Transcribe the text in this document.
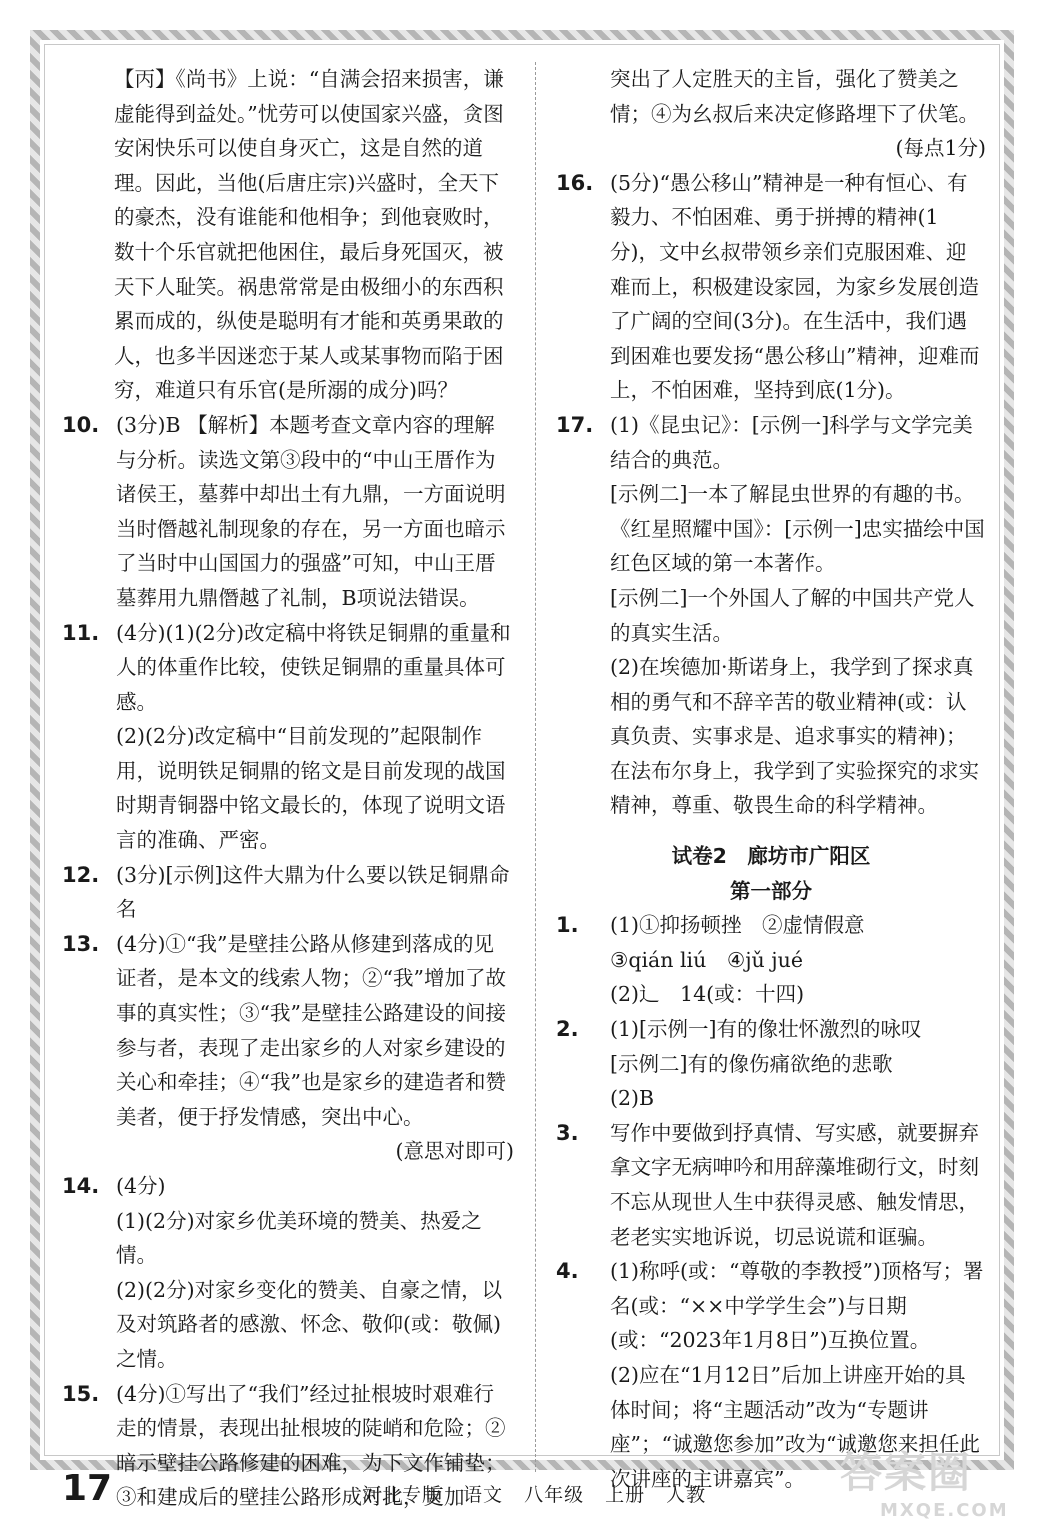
【丙】《尚书》上说：“自满会招来损害，谦虚能得到益处。”忧劳可以使国家兴盛，贪图安闲快乐可以使自身灭亡，这是自然的道理。因此，当他(后唐庄宗)兴盛时，全天下的豪杰，没有谁能和他相争；到他衰败时，数十个乐官就把他困住，最后身死国灭，被天下人耻笑。祸患常常是由极细小的东西积累而成的，纵使是聪明有才能和英勇果敢的人，也多半因迷恋于某人或某事物而陷于困穷，难道只有乐官(是所溺的成分)吗？

10. (3分)B 【解析】本题考查文章内容的理解与分析。读选文第③段中的“中山王厝作为诸侯王，墓葬中却出土有九鼎，一方面说明当时僭越礼制现象的存在，另一方面也暗示了当时中山国国力的强盛”可知，中山王厝墓葬用九鼎僭越了礼制，B项说法错误。

11. (4分)(1)(2分)改定稿中将铁足铜鼎的重量和人的体重作比较，使铁足铜鼎的重量具体可感。

(2)(2分)改定稿中“目前发现的”起限制作用，说明铁足铜鼎的铭文是目前发现的战国时期青铜器中铭文最长的，体现了说明文语言的准确、严密。

12. (3分)[示例]这件大鼎为什么要以铁足铜鼎命名

13. (4分)①“我”是壁挂公路从修建到落成的见证者，是本文的线索人物；②“我”增加了故事的真实性；③“我”是壁挂公路建设的间接参与者，表现了走出家乡的人对家乡建设的关心和牵挂；④“我”也是家乡的建造者和赞美者，便于抒发情感，突出中心。

(意思对即可)

14. (4分)

(1)(2分)对家乡优美环境的赞美、热爱之情。

(2)(2分)对家乡变化的赞美、自豪之情，以及对筑路者的感激、怀念、敬仰(或：敬佩)之情。

15. (4分)①写出了“我们”经过扯根坡时艰难行走的情景，表现出扯根坡的陡峭和危险；②暗示壁挂公路修建的困难，为下文作铺垫；③和建成后的壁挂公路形成对比，更加

突出了人定胜天的主旨，强化了赞美之情；④为幺叔后来决定修路埋下了伏笔。

(每点1分)

16. (5分)“愚公移山”精神是一种有恒心、有毅力、不怕困难、勇于拼搏的精神(1分)，文中幺叔带领乡亲们克服困难、迎难而上，积极建设家园，为家乡发展创造了广阔的空间(3分)。在生活中，我们遇到困难也要发扬“愚公移山”精神，迎难而上，不怕困难，坚持到底(1分)。

17. (1)《昆虫记》：[示例一]科学与文学完美结合的典范。

[示例二]一本了解昆虫世界的有趣的书。

《红星照耀中国》：[示例一]忠实描绘中国红色区域的第一本著作。

[示例二]一个外国人了解的中国共产党人的真实生活。

(2)在埃德加·斯诺身上，我学到了探求真相的勇气和不辞辛苦的敬业精神(或：认真负责、实事求是、追求事实的精神)；在法布尔身上，我学到了实验探究的求实精神，尊重、敬畏生命的科学精神。

试卷2　廊坊市广阳区

第一部分

1. (1)①抑扬顿挫　②虚情假意

③qián liú　④jǔ jué

(2)辶　14(或：十四)

2. (1)[示例一]有的像壮怀激烈的咏叹

[示例二]有的像伤痛欲绝的悲歌

(2)B

3. 写作中要做到抒真情、写实感，就要摒弃拿文字无病呻吟和用辞藻堆砌行文，时刻不忘从现世人生中获得灵感、触发情思，老老实实地诉说，切忌说谎和诓骗。

4. (1)称呼(或：“尊敬的李教授”)顶格写；署名(或：“××中学学生会”)与日期(或：“2023年1月8日”)互换位置。

(2)应在“1月12日”后加上讲座开始的具体时间；将“主题活动”改为“专题讲座”；“诚邀您参加”改为“诚邀您来担任此次讲座的主讲嘉宾”。

17	河北专版 语文 八年级 上册 人教	答案圈
MXQE.COM
